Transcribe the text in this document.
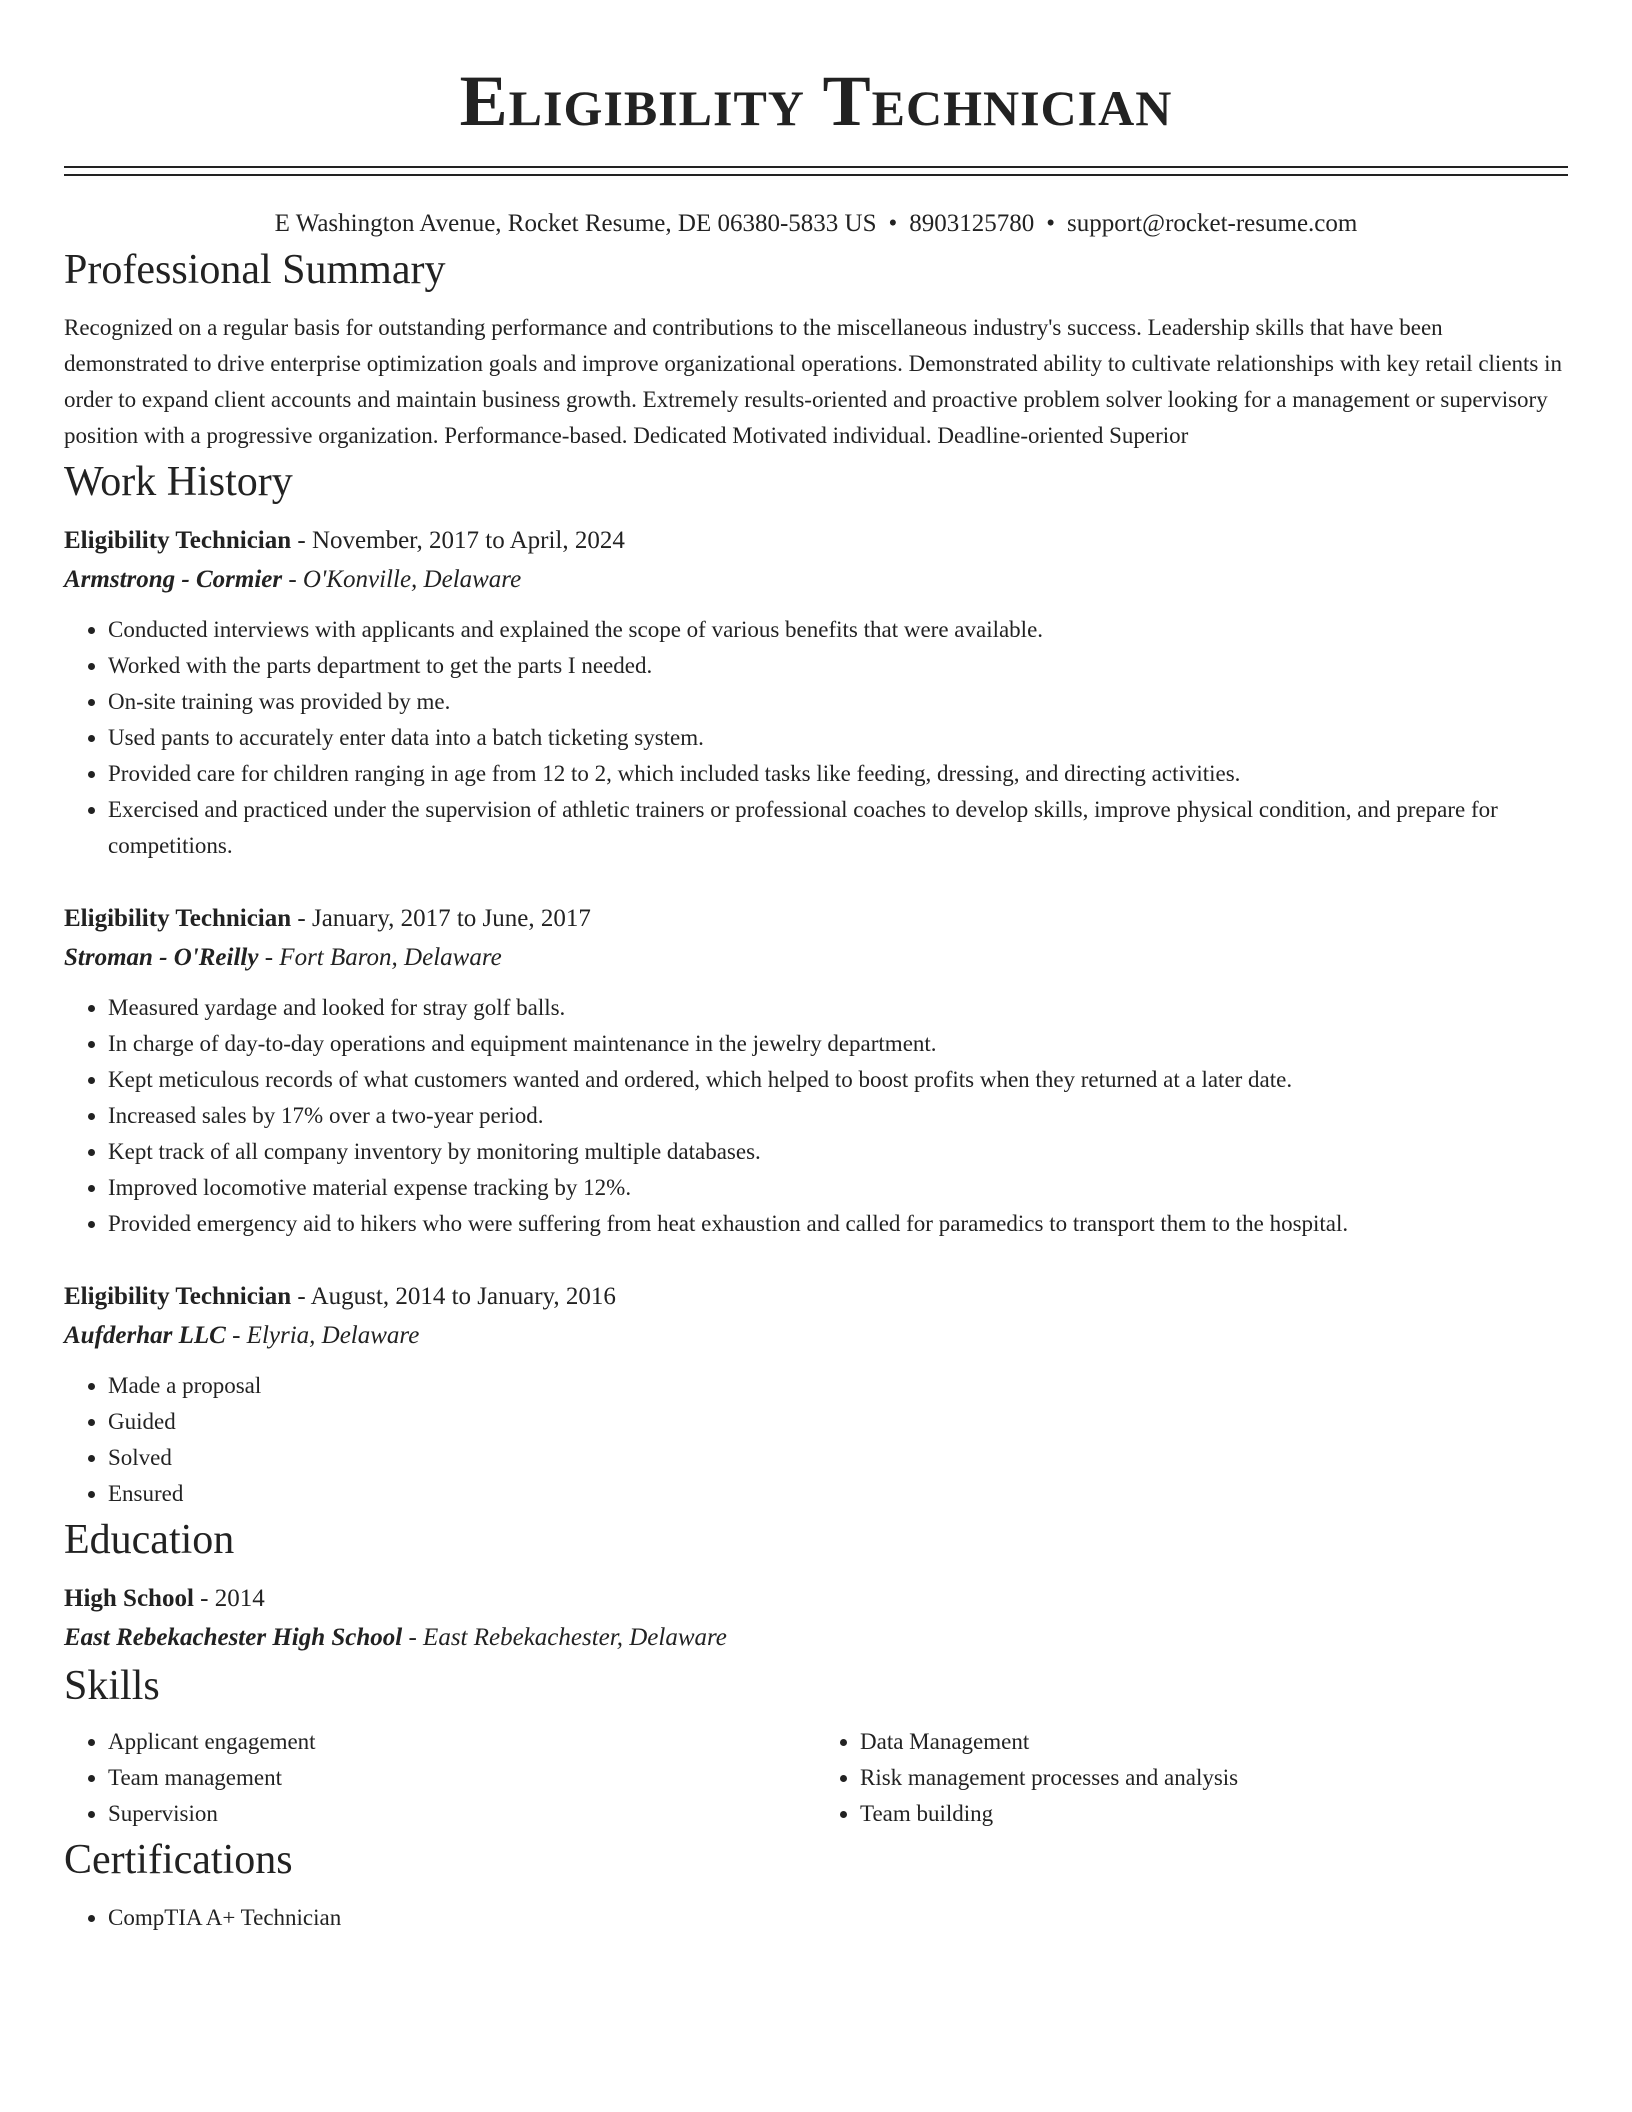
Eligibility Technician
E Washington Avenue, Rocket Resume, DE 06380-5833 US • 8903125780 • support@rocket-resume.com
Professional Summary

Recognized on a regular basis for outstanding performance and contributions to the miscellaneous industry's success. Leadership skills that have been demonstrated to drive enterprise optimization goals and improve organizational operations. Demonstrated ability to cultivate relationships with key retail clients in order to expand client accounts and maintain business growth. Extremely results-oriented and proactive problem solver looking for a management or supervisory position with a progressive organization. Performance-based. Dedicated Motivated individual. Deadline-oriented Superior

Work History
Eligibility Technician - November, 2017 to April, 2024
Armstrong - Cormier - O'Konville, Delaware
• Conducted interviews with applicants and explained the scope of various benefits that were available.
• Worked with the parts department to get the parts I needed.
• On-site training was provided by me.
• Used pants to accurately enter data into a batch ticketing system.
• Provided care for children ranging in age from 12 to 2, which included tasks like feeding, dressing, and directing activities.
• Exercised and practiced under the supervision of athletic trainers or professional coaches to develop skills, improve physical condition, and prepare for competitions.
Eligibility Technician - January, 2017 to June, 2017
Stroman - O'Reilly - Fort Baron, Delaware
• Measured yardage and looked for stray golf balls.
• In charge of day-to-day operations and equipment maintenance in the jewelry department.
• Kept meticulous records of what customers wanted and ordered, which helped to boost profits when they returned at a later date.
• Increased sales by 17% over a two-year period.
• Kept track of all company inventory by monitoring multiple databases.
• Improved locomotive material expense tracking by 12%.
• Provided emergency aid to hikers who were suffering from heat exhaustion and called for paramedics to transport them to the hospital.
Eligibility Technician - August, 2014 to January, 2016
Aufderhar LLC - Elyria, Delaware
• Made a proposal
• Guided
• Solved
• Ensured
Education
High School - 2014
East Rebekachester High School - East Rebekachester, Delaware
Skills
• Applicant engagement
• Team management
• Supervision
• Data Management
• Risk management processes and analysis
• Team building
Certifications
• CompTIA A+ Technician
